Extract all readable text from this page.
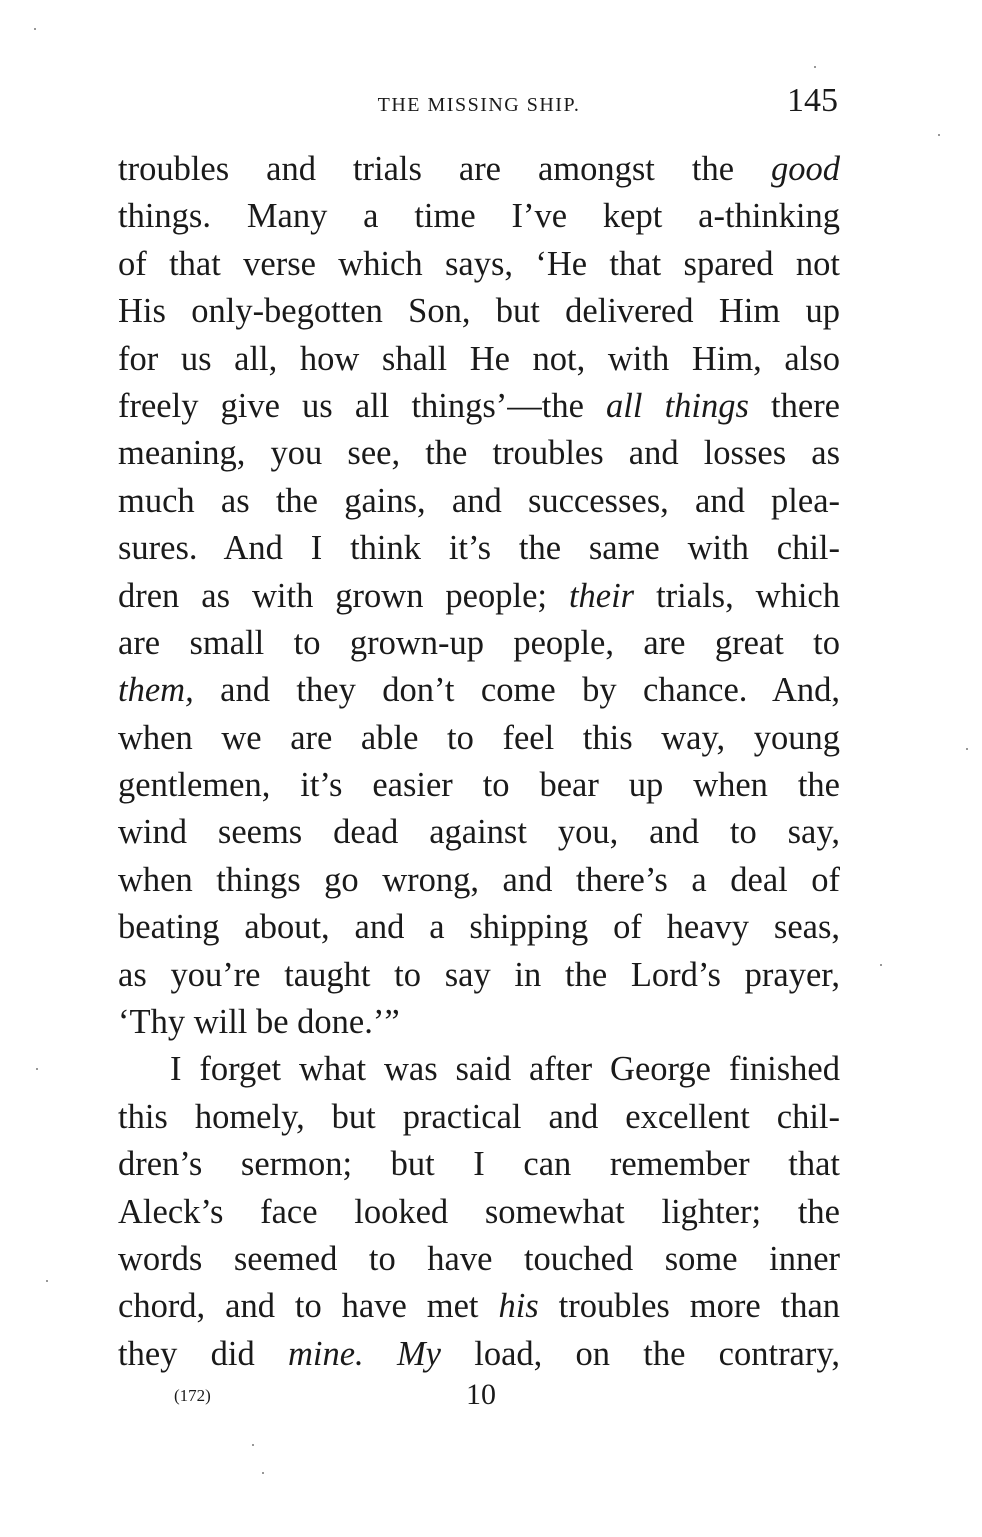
THE MISSING SHIP.	145
troubles and trials are amongst the good
things. Many a time I’ve kept a-thinking
of that verse which says, ‘He that spared not
His only-begotten Son, but delivered Him up
for us all, how shall He not, with Him, also
freely give us all things’—the all things there
meaning, you see, the troubles and losses as
much as the gains, and successes, and plea-
sures. And I think it’s the same with chil-
dren as with grown people; their trials, which
are small to grown-up people, are great to
them, and they don’t come by chance. And,
when we are able to feel this way, young
gentlemen, it’s easier to bear up when the
wind seems dead against you, and to say,
when things go wrong, and there’s a deal of
beating about, and a shipping of heavy seas,
as you’re taught to say in the Lord’s prayer,
‘Thy will be done.’”
I forget what was said after George finished
this homely, but practical and excellent chil-
dren’s sermon; but I can remember that
Aleck’s face looked somewhat lighter; the
words seemed to have touched some inner
chord, and to have met his troubles more than
they did mine. My load, on the contrary,
(172)	10
